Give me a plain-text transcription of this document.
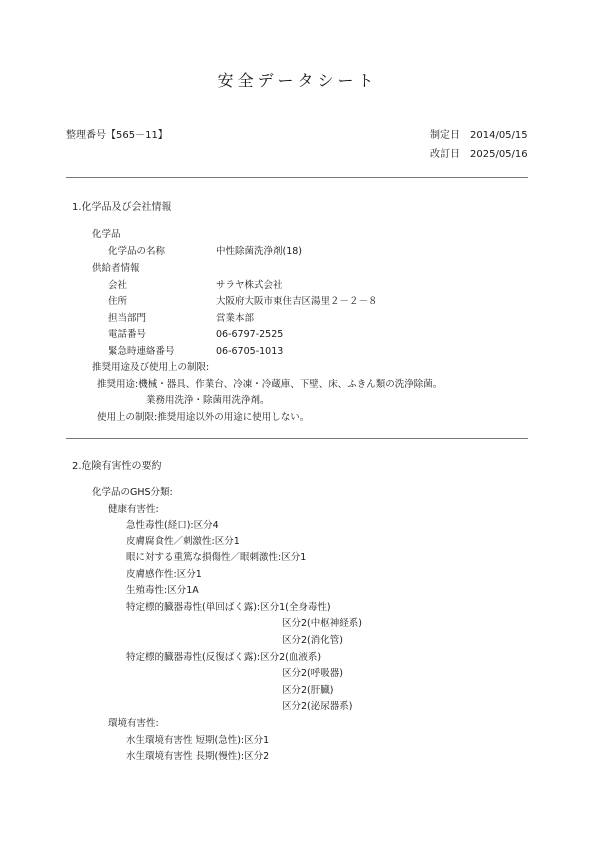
安全データシート
整理番号【565－11】	制定日　2014/05/15
改訂日　2025/05/16
1.化学品及び会社情報
化学品
化学品の名称	中性除菌洗浄剤(18)
供給者情報
会社	サラヤ株式会社
住所	大阪府大阪市東住吉区湯里２－２－８
担当部門	営業本部
電話番号	06-6797-2525
緊急時連絡番号	06-6705-1013
推奨用途及び使用上の制限:
推奨用途:機械・器具、作業台、冷凍・冷蔵庫、下壁、床、ふきん類の洗浄除菌。
業務用洗浄・除菌用洗浄剤。
使用上の制限:推奨用途以外の用途に使用しない。
2.危険有害性の要約
化学品のGHS分類:
健康有害性:
急性毒性(経口):区分4
皮膚腐食性／刺激性:区分1
眼に対する重篤な損傷性／眼刺激性:区分1
皮膚感作性:区分1
生殖毒性:区分1A
特定標的臓器毒性(単回ばく露):区分1(全身毒性)
区分2(中枢神経系)
区分2(消化管)
特定標的臓器毒性(反復ばく露):区分2(血液系)
区分2(呼吸器)
区分2(肝臓)
区分2(泌尿器系)
環境有害性:
水生環境有害性 短期(急性):区分1
水生環境有害性 長期(慢性):区分2
